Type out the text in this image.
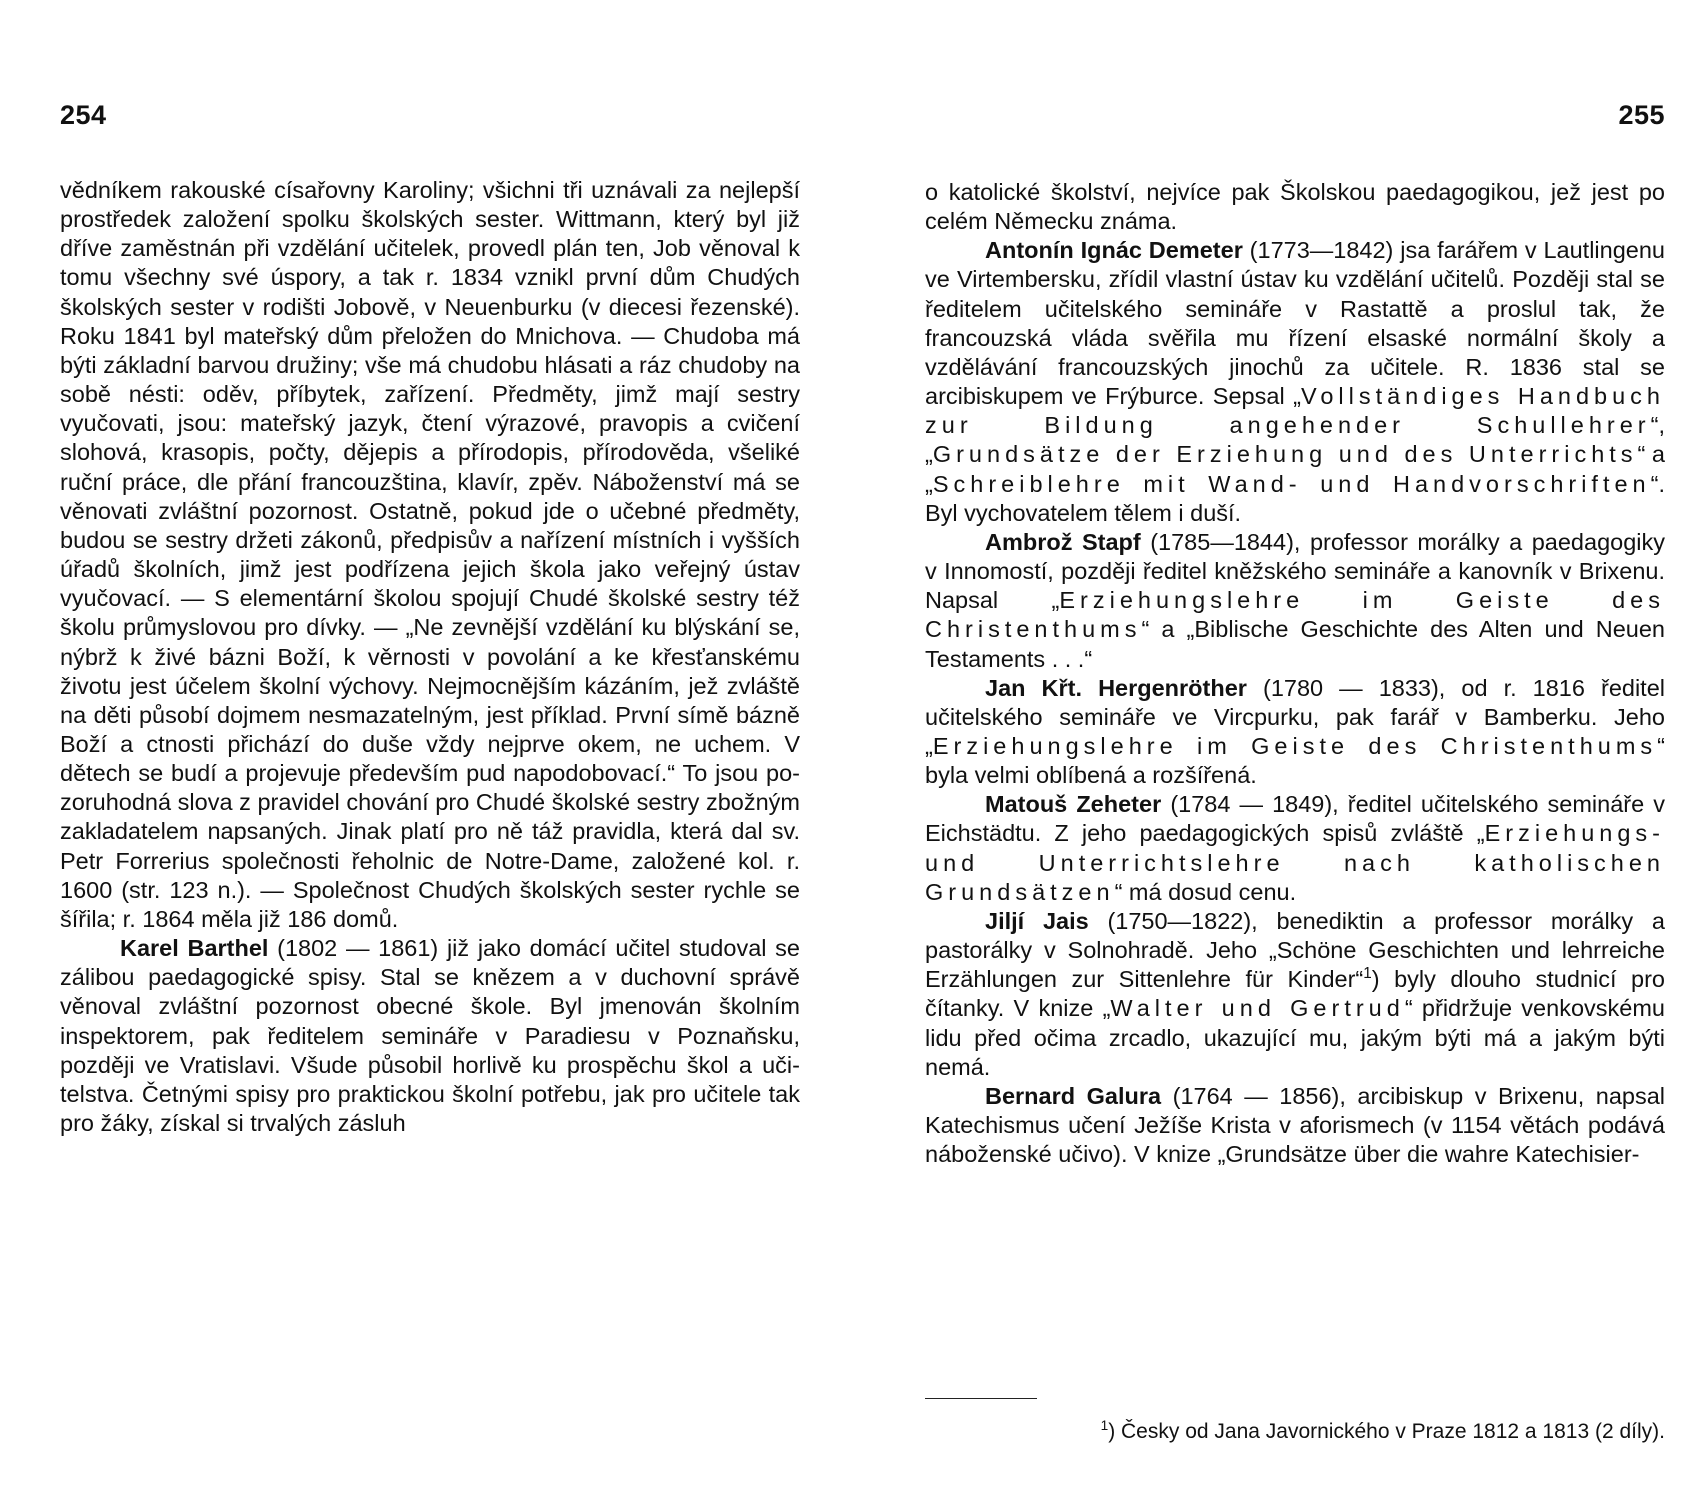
254

vědníkem rakouské císařovny Karoliny; všichni tři uznávali za nejlepší prostředek založení spolku školských sester. Wittmann, který byl již dříve zaměstnán při vzdělání učitelek, provedl plán ten, Job věnoval k tomu všechny své úspory, a tak r. 1834 vznikl první dům Chudých školských sester v rodišti Jobově, v Neuenburku (v diecesi řezenské). Roku 1841 byl mateřský dům přeložen do Mnichova. — Chudoba má býti základní barvou družiny; vše má chudobu hlásati a ráz chudoby na sobě nésti: oděv, příbytek, zařízení. Předměty, jimž mají sestry vyučovati, jsou: mateřský jazyk, čtení výrazové, pravopis a cvičení slohová, krasopis, počty, dějepis a přírodopis, přírodověda, všeliké ruční práce, dle přání francouzština, klavír, zpěv. Náboženství má se věnovati zvláštní pozornost. Ostatně, pokud jde o učebné předměty, budou se sestry držeti zákonů, předpisův a nařízení místních i vyšších úřadů školních, jimž jest podřízena jejich škola jako veřejný ústav vyučovací. — S elementární školou spojují Chudé školské sestry též školu průmyslovou pro dívky. — „Ne zevnější vzdělání ku blýskání se, nýbrž k živé bázni Boží, k věrnosti v povolání a ke křesťanskému životu jest účelem školní výchovy. Nejmocnějším kázáním, jež zvláště na děti působí dojmem nesmazatelným, jest příklad. První símě bázně Boží a ctnosti přichází do duše vždy nejprve okem, ne uchem. V dětech se budí a projevuje především pud napodobovací.“ To jsou pozoruhodná slova z pravidel chování pro Chudé školské sestry zbožným zakladatelem napsaných. Jinak platí pro ně táž pravidla, která dal sv. Petr Forrerius společnosti řeholnic de Notre-Dame, založené kol. r. 1600 (str. 123 n.). — Společnost Chudých školských sester rychle se šířila; r. 1864 měla již 186 domů.

Karel Barthel (1802 — 1861) již jako domácí učitel studoval se zálibou paedagogické spisy. Stal se knězem a v duchovní správě věnoval zvláštní pozornost obecné škole. Byl jmenován školním inspektorem, pak ředitelem semináře v Paradiesu v Poznaňsku, později ve Vratislavi. Všude působil horlivě ku prospěchu škol a učitelstva. Četnými spisy pro praktickou školní potřebu, jak pro učitele tak pro žáky, získal si trvalých zásluh

255

o katolické školství, nejvíce pak Školskou paedagogikou, jež jest po celém Německu známa.

Antonín Ignác Demeter (1773—1842) jsa farářem v Lautlingenu ve Virtembersku, zřídil vlastní ústav ku vzdělání učitelů. Později stal se ředitelem učitelského semináře v Rastattě a proslul tak, že francouzská vláda svěřila mu řízení elsaské normální školy a vzdělávání francouzských jinochů za učitele. R. 1836 stal se arcibiskupem ve Frýburce. Sepsal „Vollständiges Handbuch zur Bildung angehender Schullehrer“, „Grundsätze der Erziehung und des Unterrichts“ a „Schreiblehre mit Wand- und Handvorschriften“. Byl vychovatelem tělem i duší.

Ambrož Stapf (1785—1844), professor morálky a paedagogiky v Innomostí, později ředitel kněžského semináře a kanovník v Brixenu. Napsal „Erziehungslehre im Geiste des Christenthums“ a „Biblische Geschichte des Alten und Neuen Testaments . . .“

Jan Křt. Hergenröther (1780 — 1833), od r. 1816 ředitel učitelského semináře ve Vircpurku, pak farář v Bamberku. Jeho „Erziehungslehre im Geiste des Christenthums“ byla velmi oblíbená a rozšířená.

Matouš Zeheter (1784 — 1849), ředitel učitelského semináře v Eichstädtu. Z jeho paedagogických spisů zvláště „Erziehungs- und Unterrichtslehre nach katholischen Grundsätzen“ má dosud cenu.

Jiljí Jais (1750—1822), benediktin a professor morálky a pastorálky v Solnohradě. Jeho „Schöne Geschichten und lehrreiche Erzählungen zur Sittenlehre für Kinder“$^1$) byly dlouho studnicí pro čítanky. V knize „Walter und Gertrud“ přidržuje venkovskému lidu před očima zrcadlo, ukazující mu, jakým býti má a jakým býti nemá.

Bernard Galura (1764 — 1856), arcibiskup v Brixenu, napsal Katechismus učení Ježíše Krista v aforismech (v 1154 větách podává náboženské učivo). V knize „Grundsätze über die wahre Katechisier-

$^1$) Česky od Jana Javornického v Praze 1812 a 1813 (2 díly).
